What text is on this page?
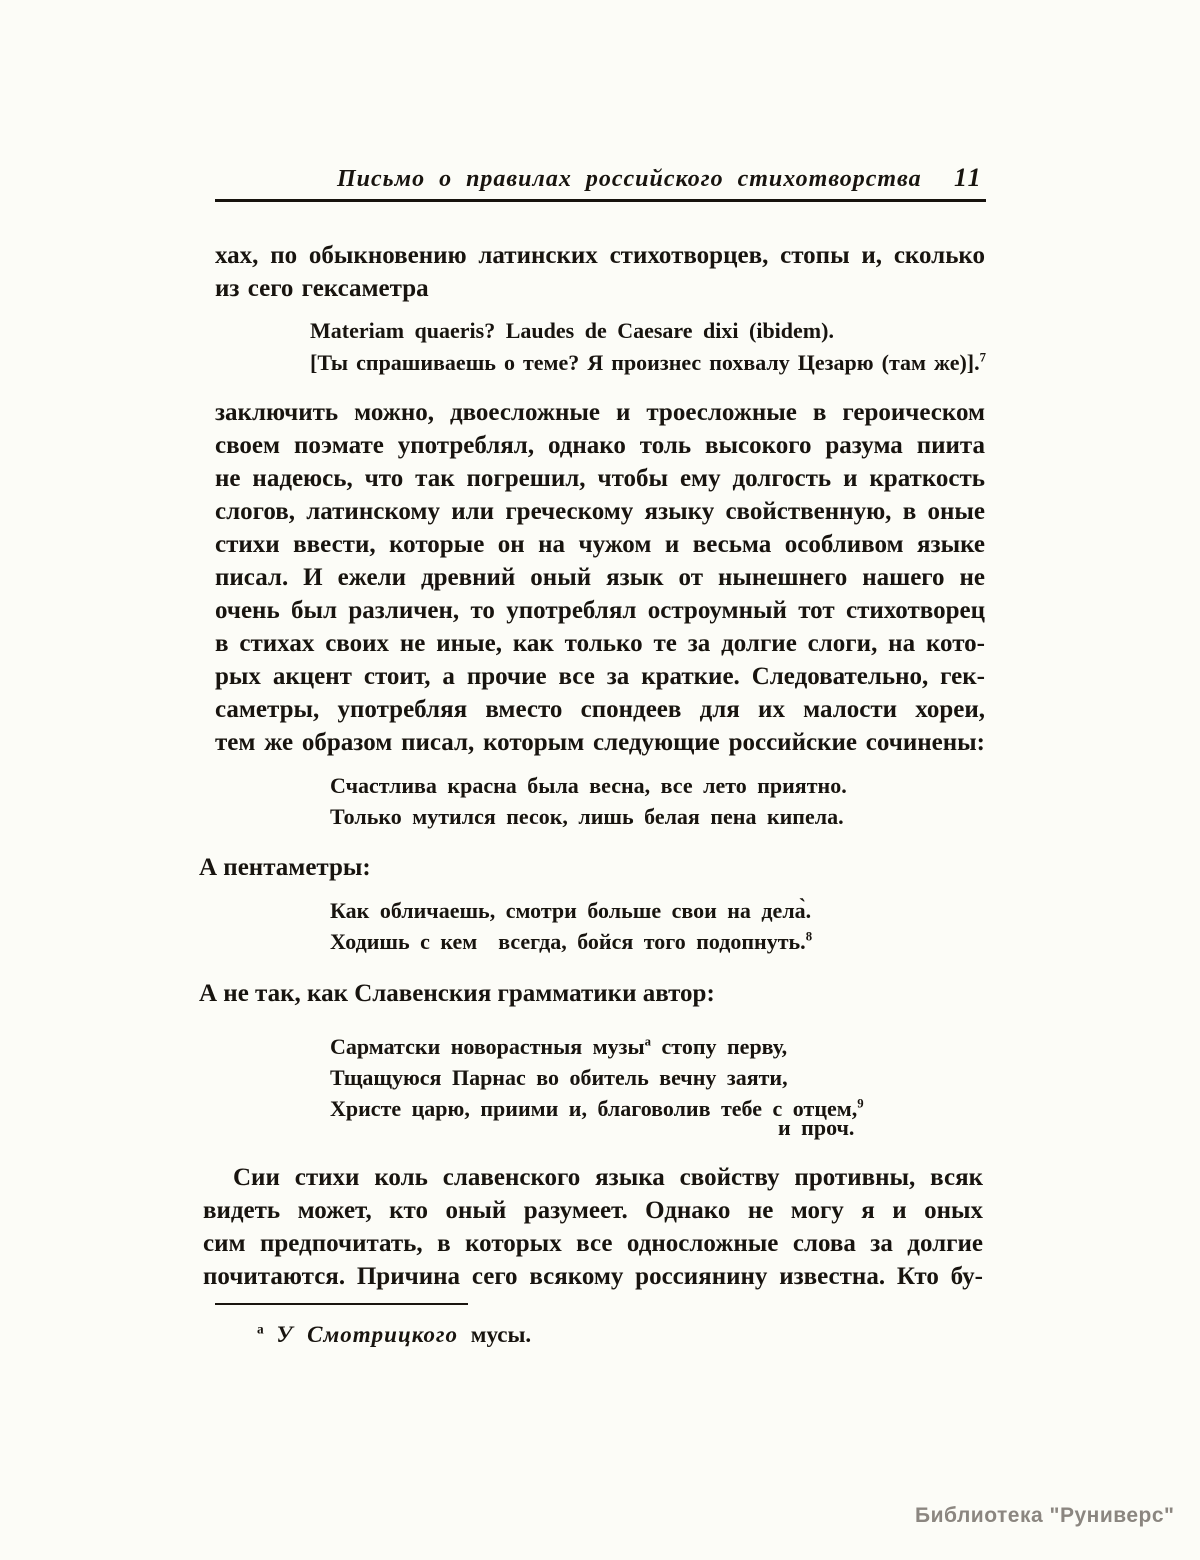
Письмо о правилах российского стихотворства 11
хах, по обыкновению латинских стихотворцев, стопы и, сколько
из сего гексаметра
Materiam quaeris? Laudes de Caesare dixi (ibidem).
[Ты спрашиваешь о теме? Я произнес похвалу Цезарю (там же)].$^7$
заключить можно, двоесложные и троесложные в героическом
своем поэмате употреблял, однако толь высокого разума пиита
не надеюсь, что так погрешил, чтобы ему долгость и краткость
слогов, латинскому или греческому языку свойственную, в оные
стихи ввести, которые он на чужом и весьма особливом языке
писал. И ежели древний оный язык от нынешнего нашего не
очень был различен, то употреблял остроумный тот стихотворец
в стихах своих не иные, как только те за долгие слоги, на кото-
рых акцент стоит, а прочие все за краткие. Следовательно, гек-
саметры, употребляя вместо спондеев для их малости хореи,
тем же образом писал, которым следующие российские сочинены:
Счастлива красна была весна, все лето приятно.
Только мутился песок, лишь белая пена кипела.
А пентаметры:
Как обличаешь, смотри больше свои на дела̀.
Ходишь с кем  всегда, бойся того подопнуть.$^8$
А не так, как Славенския грамматики автор:
Сарматски новорастныя музы$^а$ стопу перву,
Тщащуюся Парнас во обитель вечну заяти,
Христе царю, приими и, благоволив тебе с отцем,$^9$
и проч.
Сии стихи коль славенского языка свойству противны, всяк
видеть может, кто оный разумеет. Однако не могу я и оных
сим предпочитать, в которых все односложные слова за долгие
почитаются. Причина сего всякому россиянину известна. Кто бу-
$^а$ У Смотрицкого мусы.
Библиотека "Руниверс"
